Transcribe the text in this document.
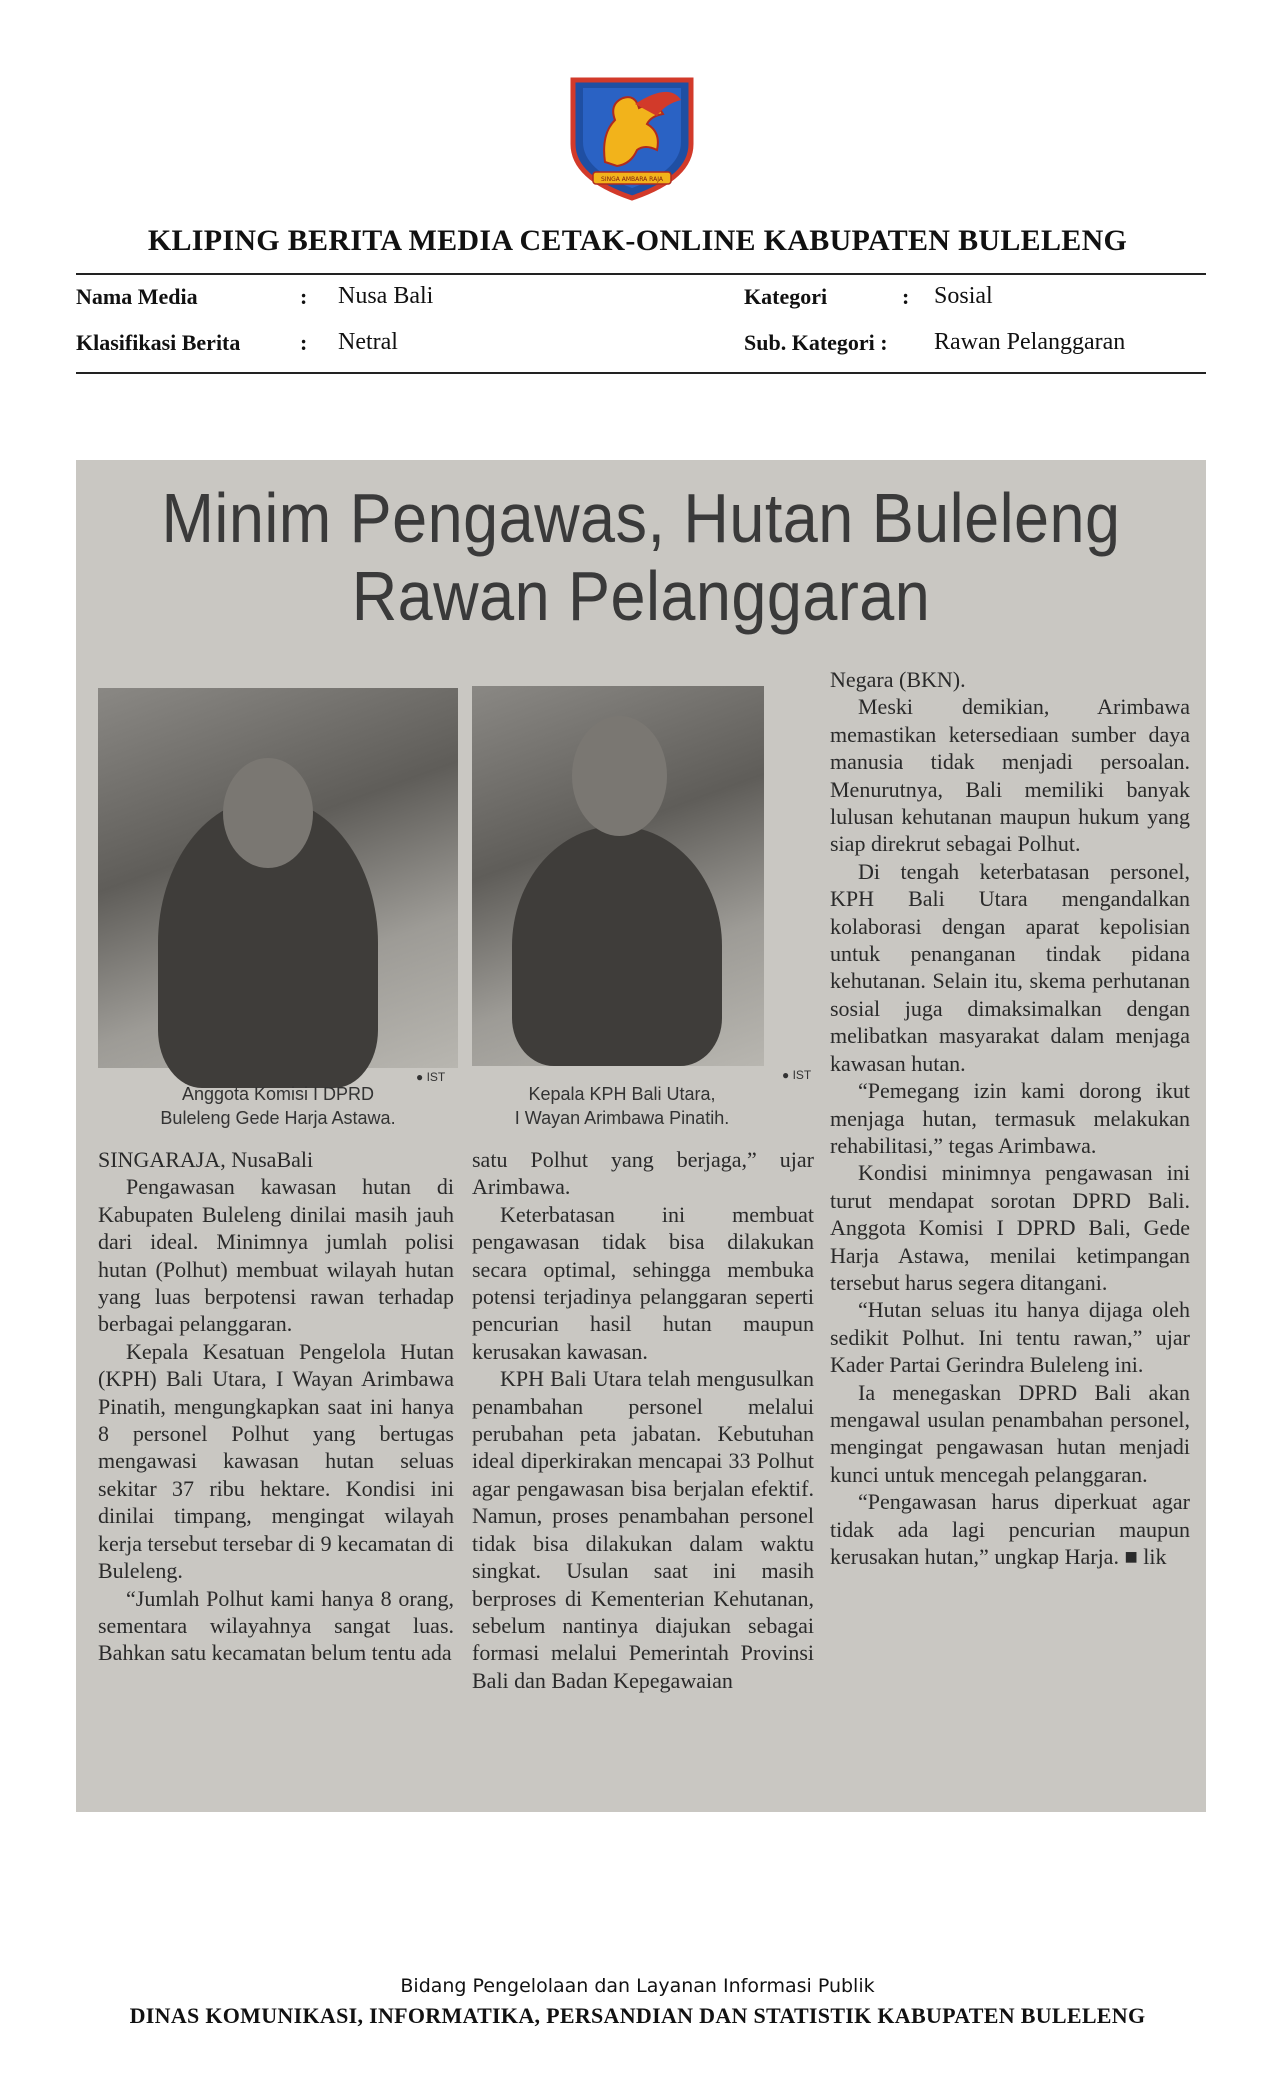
SINGA AMBARA RAJA
KLIPING BERITA MEDIA CETAK-ONLINE KABUPATEN BULELENG
Nama Media	: Nusa Bali	Kategori	: Sosial
Klasifikasi Berita	: Netral	Sub. Kategori : Rawan Pelanggaran
Minim Pengawas, Hutan Buleleng
Rawan Pelanggaran
● IST
Anggota Komisi I DPRD
Buleleng Gede Harja Astawa.
● IST
Kepala KPH Bali Utara,
I Wayan Arimbawa Pinatih.

SINGARAJA, NusaBali

Pengawasan kawasan hutan di Kabupaten Buleleng dinilai masih jauh dari ideal. Minimnya jumlah polisi hutan (Polhut) membuat wilayah hutan yang luas berpotensi rawan terhadap berbagai pelanggaran.

Kepala Kesatuan Pengelola Hutan (KPH) Bali Utara, I Wayan Arimbawa Pinatih, mengungkapkan saat ini hanya 8 personel Polhut yang bertugas mengawasi kawasan hutan seluas sekitar 37 ribu hektare. Kondisi ini dinilai timpang, mengingat wilayah kerja tersebut tersebar di 9 kecamatan di Buleleng.

“Jumlah Polhut kami hanya 8 orang, sementara wilayahnya sangat luas. Bahkan satu kecamatan belum tentu ada

satu Polhut yang berjaga,” ujar Arimbawa.

Keterbatasan ini membuat pengawasan tidak bisa dilakukan secara optimal, sehingga membuka potensi terjadinya pelanggaran seperti pencurian hasil hutan maupun kerusakan kawasan.

KPH Bali Utara telah mengusulkan penambahan personel melalui perubahan peta jabatan. Kebutuhan ideal diperkirakan mencapai 33 Polhut agar pengawasan bisa berjalan efektif. Namun, proses penambahan personel tidak bisa dilakukan dalam waktu singkat. Usulan saat ini masih berproses di Kementerian Kehutanan, sebelum nantinya diajukan sebagai formasi melalui Pemerintah Provinsi Bali dan Badan Kepegawaian

Negara (BKN).

Meski demikian, Arimbawa memastikan ketersediaan sumber daya manusia tidak menjadi persoalan. Menurutnya, Bali memiliki banyak lulusan kehutanan maupun hukum yang siap direkrut sebagai Polhut.

Di tengah keterbatasan personel, KPH Bali Utara mengandalkan kolaborasi dengan aparat kepolisian untuk penanganan tindak pidana kehutanan. Selain itu, skema perhutanan sosial juga dimaksimalkan dengan melibatkan masyarakat dalam menjaga kawasan hutan.

“Pemegang izin kami dorong ikut menjaga hutan, termasuk melakukan rehabilitasi,” tegas Arimbawa.

Kondisi minimnya pengawasan ini turut mendapat sorotan DPRD Bali. Anggota Komisi I DPRD Bali, Gede Harja Astawa, menilai ketimpangan tersebut harus segera ditangani.

“Hutan seluas itu hanya dijaga oleh sedikit Polhut. Ini tentu rawan,” ujar Kader Partai Gerindra Buleleng ini.

Ia menegaskan DPRD Bali akan mengawal usulan penambahan personel, mengingat pengawasan hutan menjadi kunci untuk mencegah pelanggaran.

“Pengawasan harus diperkuat agar tidak ada lagi pencurian maupun kerusakan hutan,” ungkap Harja. ■ lik

Bidang Pengelolaan dan Layanan Informasi Publik
DINAS KOMUNIKASI, INFORMATIKA, PERSANDIAN DAN STATISTIK KABUPATEN BULELENG
